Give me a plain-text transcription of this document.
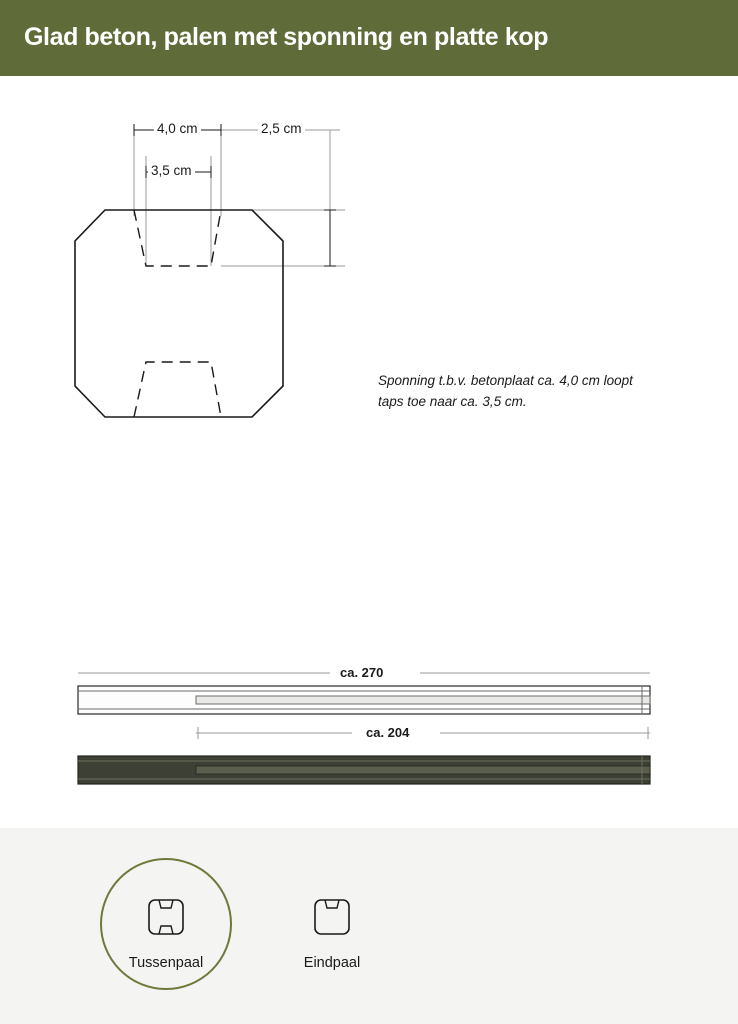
Glad beton, palen met sponning en platte kop
4,0 cm
3,5 cm
2,5 cm
Sponning t.b.v. betonplaat ca. 4,0 cm loopt taps toe naar ca. 3,5 cm.
ca. 270
ca. 204
Tussenpaal	Eindpaal
